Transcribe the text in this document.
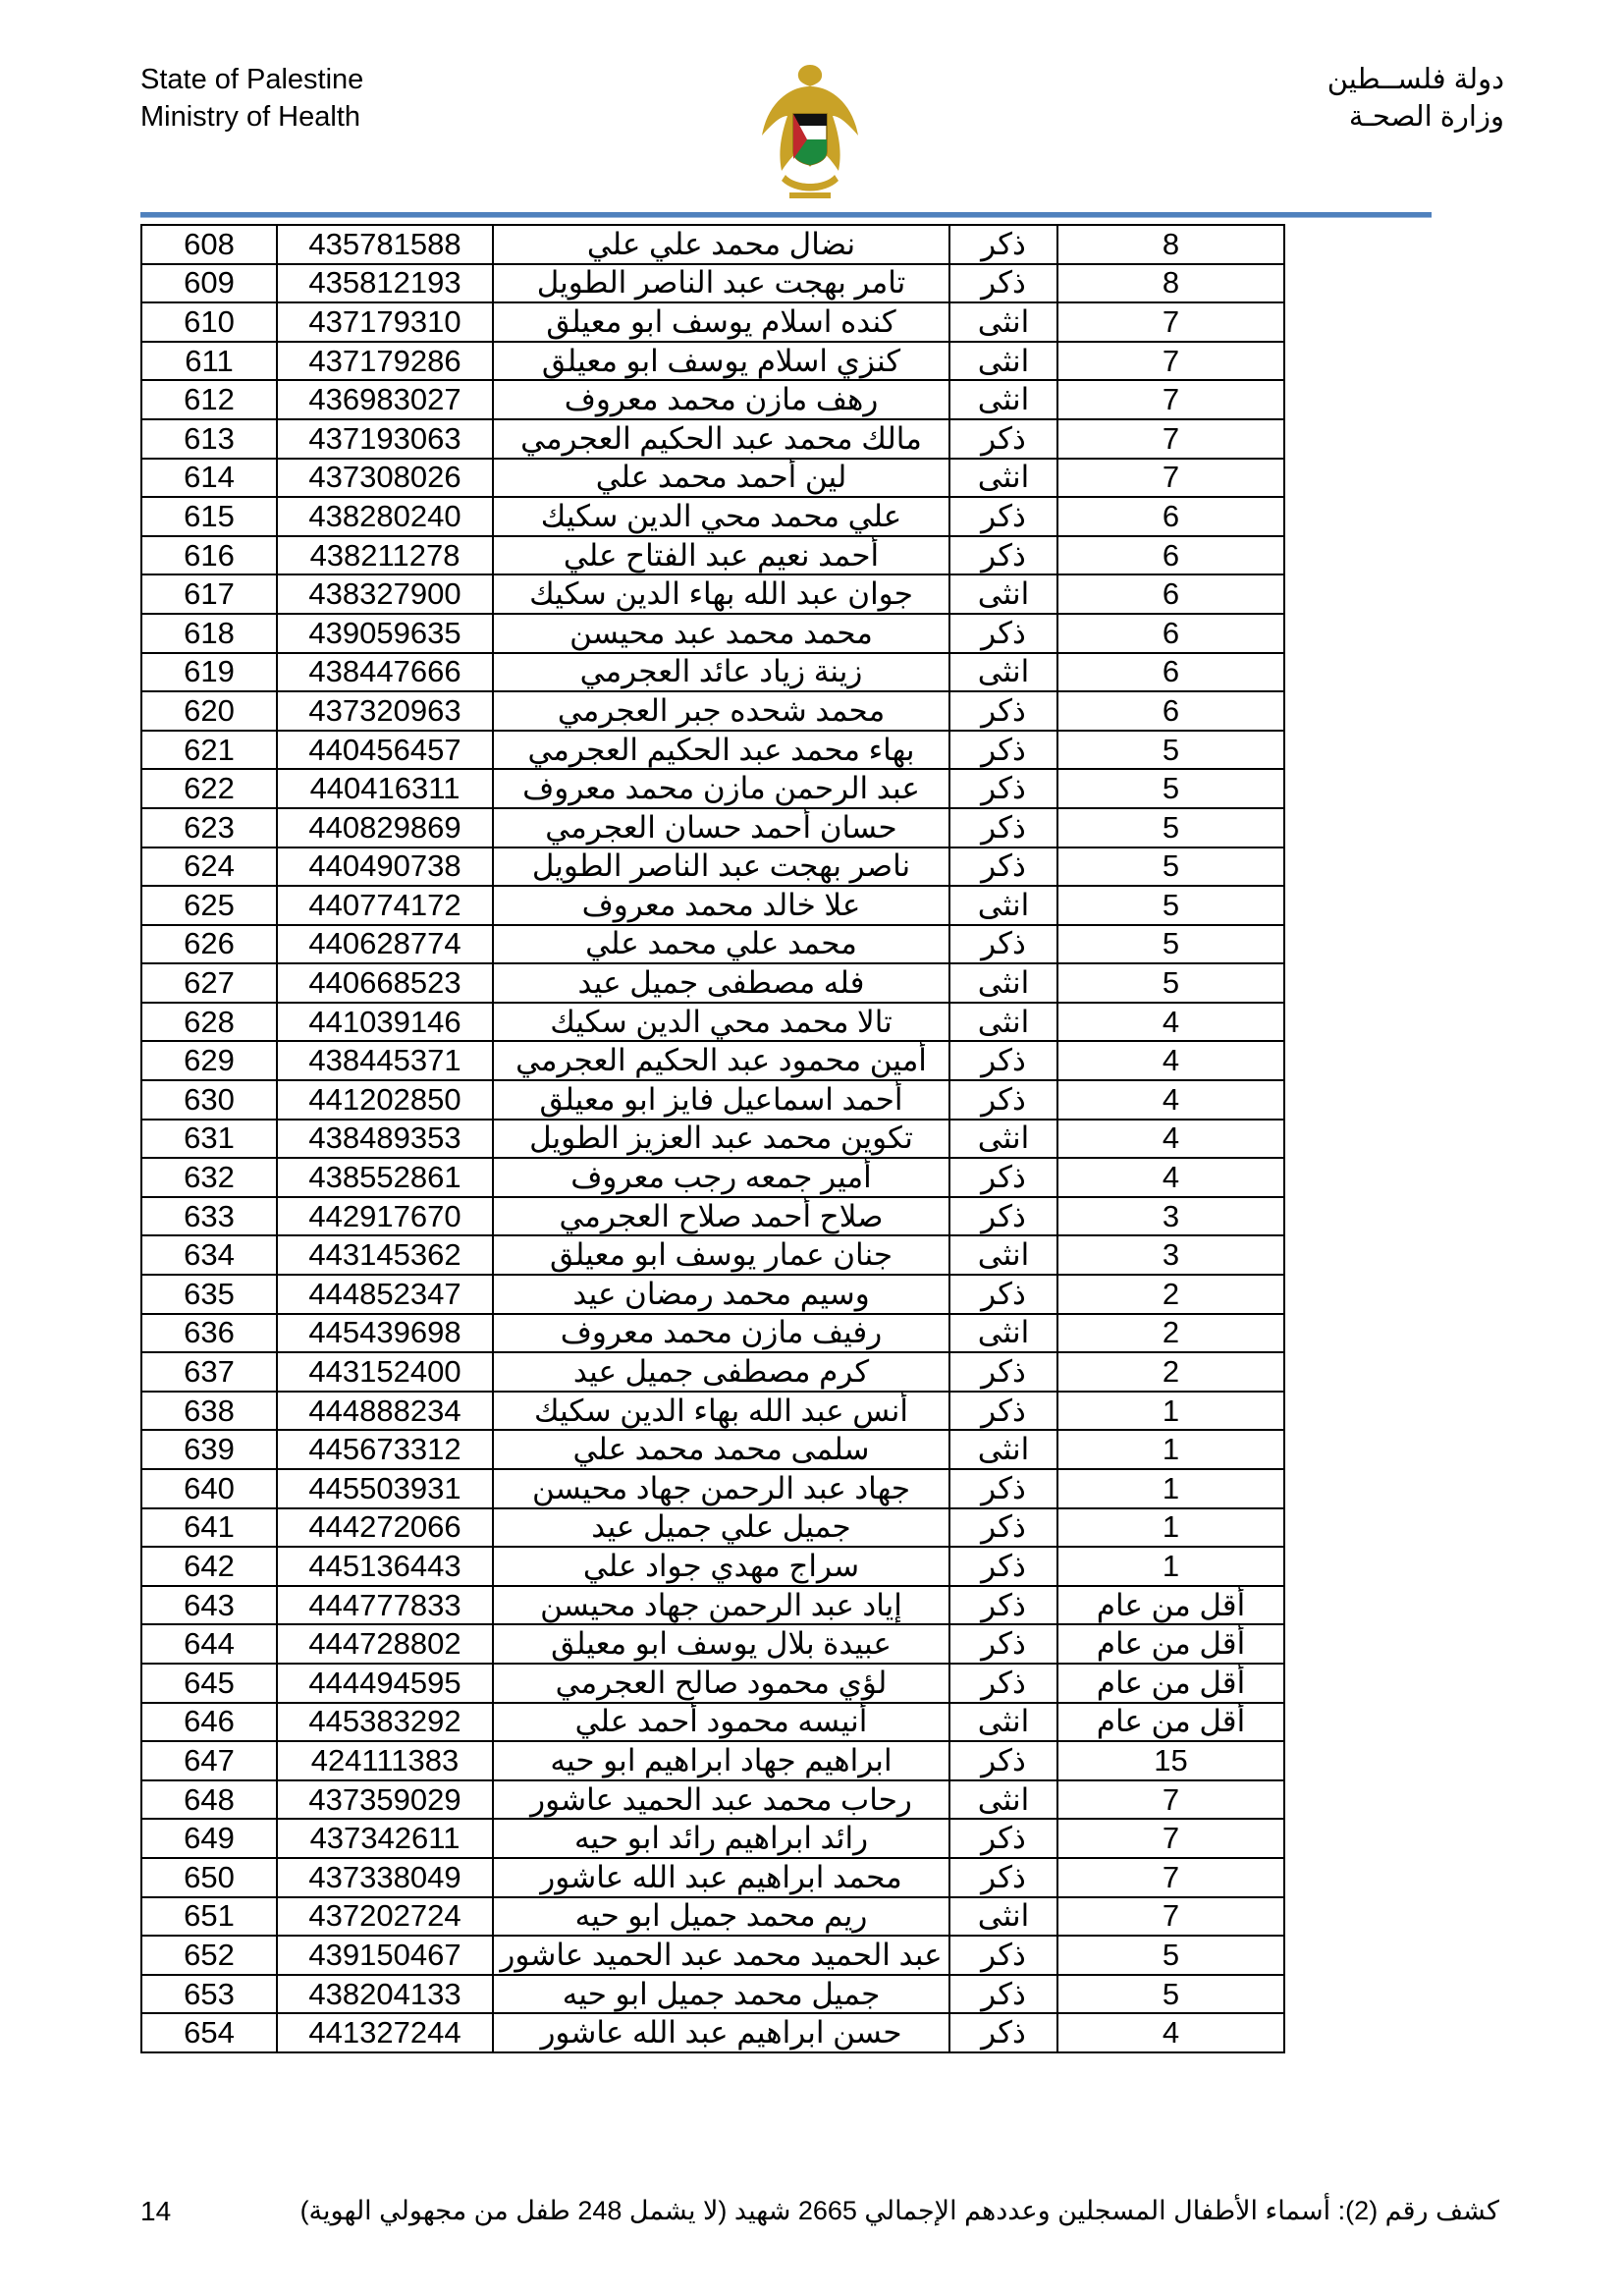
State of Palestine
Ministry of Health
دولة فلســطين
وزارة الصحـة
608	435781588	نضال محمد علي علي	ذكر	8
609	435812193	تامر بهجت عبد الناصر الطويل	ذكر	8
610	437179310	كنده اسلام يوسف ابو معيلق	انثى	7
611	437179286	كنزي اسلام يوسف ابو معيلق	انثى	7
612	436983027	رهف مازن محمد معروف	انثى	7
613	437193063	مالك محمد عبد الحكيم العجرمي	ذكر	7
614	437308026	لين أحمد محمد علي	انثى	7
615	438280240	علي محمد محي الدين سكيك	ذكر	6
616	438211278	أحمد نعيم عبد الفتاح علي	ذكر	6
617	438327900	جوان عبد الله بهاء الدين سكيك	انثى	6
618	439059635	محمد محمد عبد محيسن	ذكر	6
619	438447666	زينة زياد عائد العجرمي	انثى	6
620	437320963	محمد شحده جبر العجرمي	ذكر	6
621	440456457	بهاء محمد عبد الحكيم العجرمي	ذكر	5
622	440416311	عبد الرحمن مازن محمد معروف	ذكر	5
623	440829869	حسان أحمد حسان العجرمي	ذكر	5
624	440490738	ناصر بهجت عبد الناصر الطويل	ذكر	5
625	440774172	علا خالد محمد معروف	انثى	5
626	440628774	محمد علي محمد علي	ذكر	5
627	440668523	فله مصطفى جميل عيد	انثى	5
628	441039146	تالا محمد محي الدين سكيك	انثى	4
629	438445371	أمين محمود عبد الحكيم العجرمي	ذكر	4
630	441202850	أحمد اسماعيل فايز ابو معيلق	ذكر	4
631	438489353	تكوين محمد عبد العزيز الطويل	انثى	4
632	438552861	أمير جمعه رجب معروف	ذكر	4
633	442917670	صلاح أحمد صلاح العجرمي	ذكر	3
634	443145362	جنان عمار يوسف ابو معيلق	انثى	3
635	444852347	وسيم محمد رمضان عيد	ذكر	2
636	445439698	رفيف مازن محمد معروف	انثى	2
637	443152400	كرم مصطفى جميل عيد	ذكر	2
638	444888234	أنس عبد الله بهاء الدين سكيك	ذكر	1
639	445673312	سلمى محمد محمد علي	انثى	1
640	445503931	جهاد عبد الرحمن جهاد محيسن	ذكر	1
641	444272066	جميل علي جميل عيد	ذكر	1
642	445136443	سراج مهدي جواد علي	ذكر	1
643	444777833	إياد عبد الرحمن جهاد محيسن	ذكر	أقل من عام
644	444728802	عبيدة بلال يوسف ابو معيلق	ذكر	أقل من عام
645	444494595	لؤي محمود صالح العجرمي	ذكر	أقل من عام
646	445383292	أنيسه محمود أحمد علي	انثى	أقل من عام
647	424111383	ابراهيم جهاد ابراهيم ابو حيه	ذكر	15
648	437359029	رحاب محمد عبد الحميد عاشور	انثى	7
649	437342611	رائد ابراهيم رائد ابو حيه	ذكر	7
650	437338049	محمد ابراهيم عبد الله عاشور	ذكر	7
651	437202724	ريم محمد جميل ابو حيه	انثى	7
652	439150467	عبد الحميد محمد عبد الحميد عاشور	ذكر	5
653	438204133	جميل محمد جميل ابو حيه	ذكر	5
654	441327244	حسن ابراهيم عبد الله عاشور	ذكر	4
14	كشف رقم (2): أسماء الأطفال المسجلين وعددهم الإجمالي 2665 شهيد (لا يشمل 248 طفل من مجهولي الهوية)
